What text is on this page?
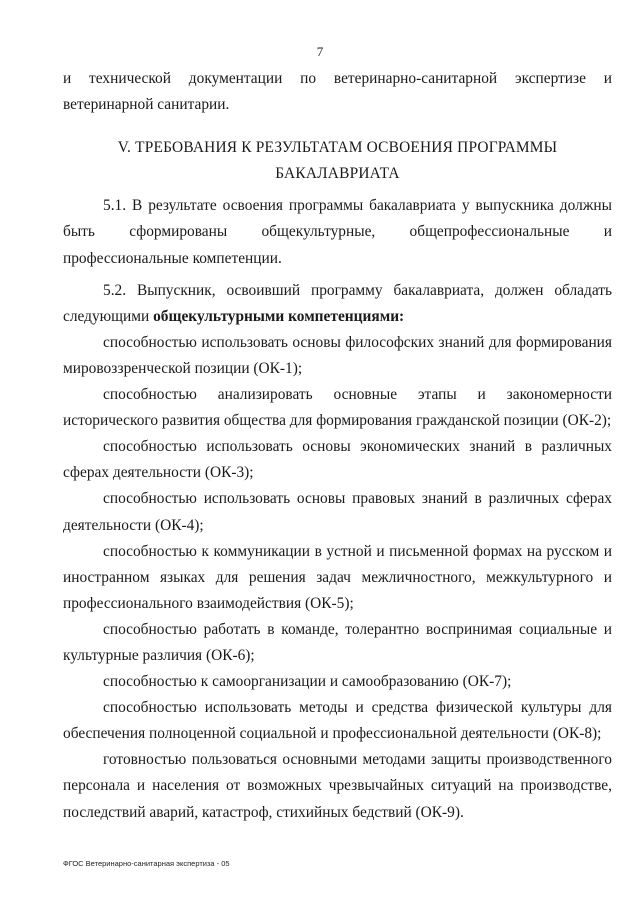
7

и технической документации по ветеринарно-санитарной экспертизе и ветеринарной санитарии.

V. ТРЕБОВАНИЯ К РЕЗУЛЬТАТАМ ОСВОЕНИЯ ПРОГРАММЫ БАКАЛАВРИАТА

5.1. В результате освоения программы бакалавриата у выпускника должны быть сформированы общекультурные, общепрофессиональные и профессиональные компетенции.

5.2. Выпускник, освоивший программу бакалавриата, должен обладать следующими общекультурными компетенциями:

способностью использовать основы философских знаний для формирования мировоззренческой позиции (ОК-1);

способностью анализировать основные этапы и закономерности исторического развития общества для формирования гражданской позиции (ОК-2);

способностью использовать основы экономических знаний в различных сферах деятельности (ОК-3);

способностью использовать основы правовых знаний в различных сферах деятельности (ОК-4);

способностью к коммуникации в устной и письменной формах на русском и иностранном языках для решения задач межличностного, межкультурного и профессионального взаимодействия (ОК-5);

способностью работать в команде, толерантно воспринимая социальные и культурные различия (ОК-6);

способностью к самоорганизации и самообразованию (ОК-7);

способностью использовать методы и средства физической культуры для обеспечения полноценной социальной и профессиональной деятельности (ОК-8);

готовностью пользоваться основными методами защиты производственного персонала и населения от возможных чрезвычайных ситуаций на производстве, последствий аварий, катастроф, стихийных бедствий (ОК-9).

ФГОС Ветеринарно-санитарная экспертиза - 05
